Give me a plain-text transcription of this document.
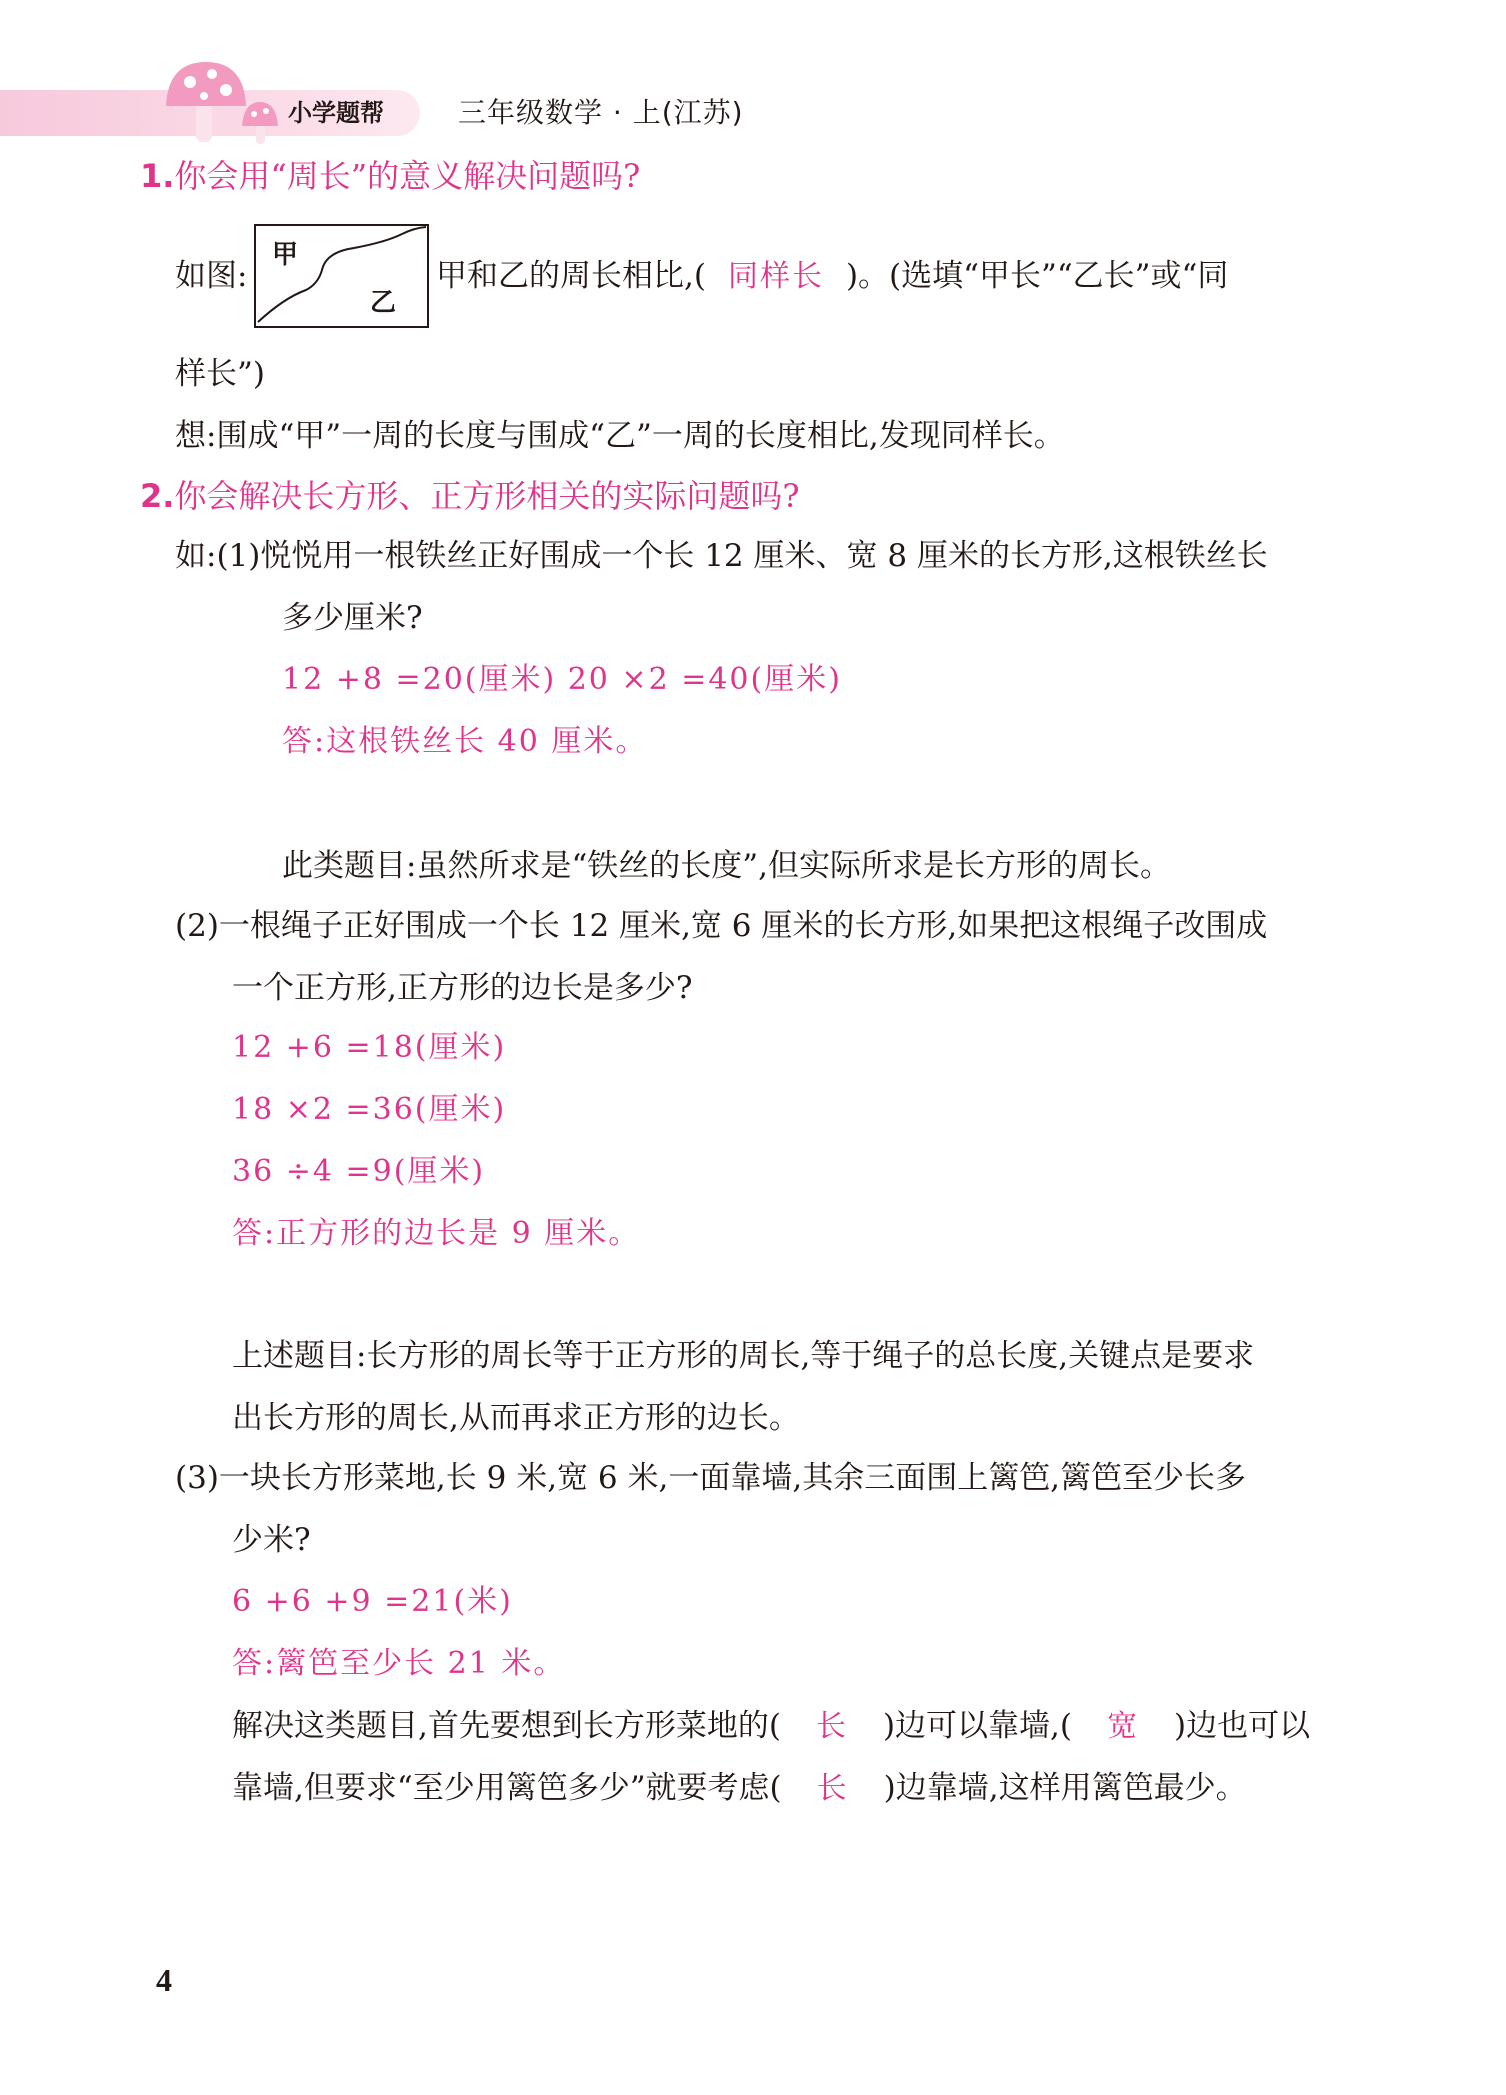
小学题帮	三年级数学 · 上(江苏)
1.你会用“周长”的意义解决问题吗?
如图:
甲
乙
甲和乙的周长相比,( 同样长 )。(选填“甲长”“乙长”或“同
样长”)
想:围成“甲”一周的长度与围成“乙”一周的长度相比,发现同样长。
2.你会解决长方形、正方形相关的实际问题吗?
如:(1)悦悦用一根铁丝正好围成一个长 12 厘米、宽 8 厘米的长方形,这根铁丝长
多少厘米?
12 +8 =20(厘米) 20 ×2 =40(厘米)
答:这根铁丝长 40 厘米。
此类题目:虽然所求是“铁丝的长度”,但实际所求是长方形的周长。
(2)一根绳子正好围成一个长 12 厘米,宽 6 厘米的长方形,如果把这根绳子改围成
一个正方形,正方形的边长是多少?
12 +6 =18(厘米)
18 ×2 =36(厘米)
36 ÷4 =9(厘米)
答:正方形的边长是 9 厘米。
上述题目:长方形的周长等于正方形的周长,等于绳子的总长度,关键点是要求
出长方形的周长,从而再求正方形的边长。
(3)一块长方形菜地,长 9 米,宽 6 米,一面靠墙,其余三面围上篱笆,篱笆至少长多
少米?
6 +6 +9 =21(米)
答:篱笆至少长 21 米。
解决这类题目,首先要想到长方形菜地的( 长 )边可以靠墙,( 宽 )边也可以
靠墙,但要求“至少用篱笆多少”就要考虑( 长 )边靠墙,这样用篱笆最少。
4
